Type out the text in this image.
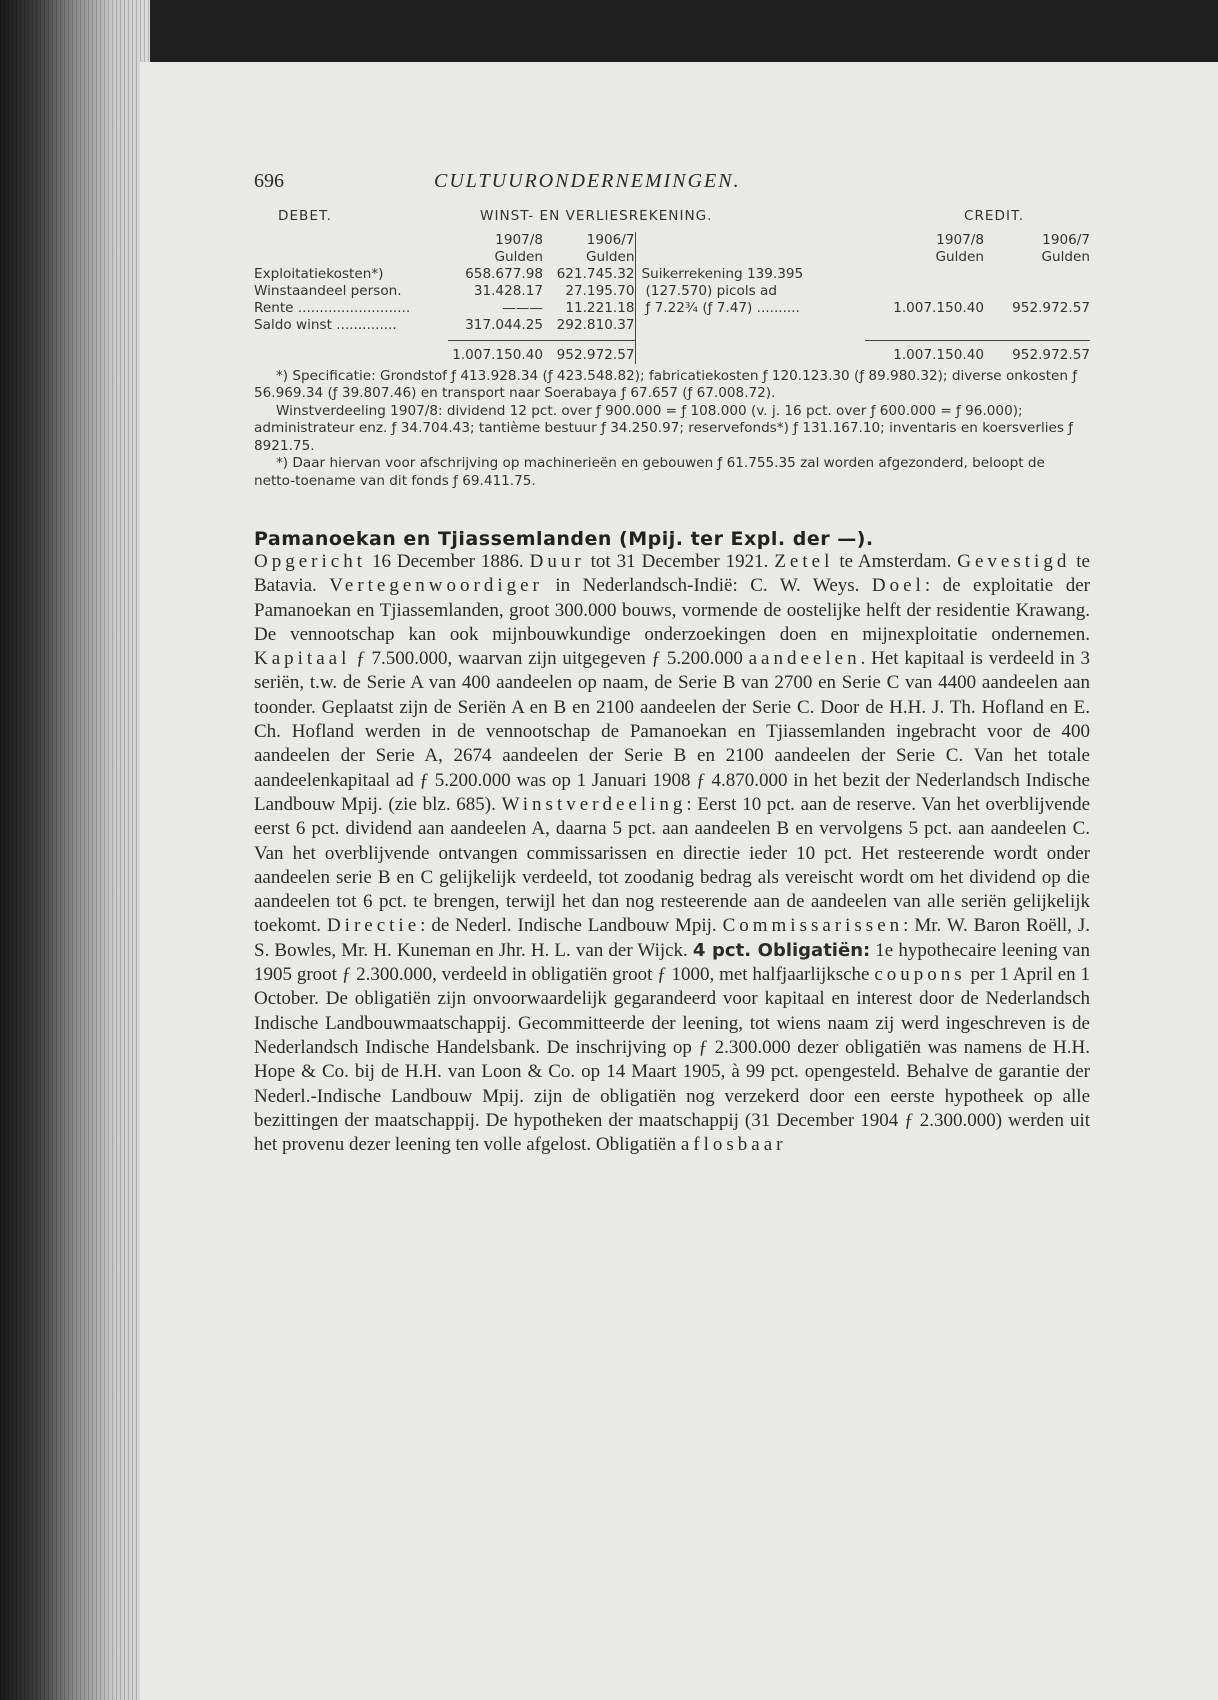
696	CULTUURONDERNEMINGEN.
DEBET.	WINST- EN VERLIESREKENING.	CREDIT.
	1907/8	1906/7		1907/8	1906/7
	Gulden	Gulden		Gulden	Gulden
Exploitatiekosten*)	658.677.98	621.745.32	Suikerrekening 139.395		
Winstaandeel person.	31.428.17	27.195.70	(127.570) picols ad		
Rente ..........................	———	11.221.18	ƒ 7.22¾ (ƒ 7.47) ..........	1.007.150.40	952.972.57
Saldo winst ..............	317.044.25	292.810.37			

	1.007.150.40	952.972.57		1.007.150.40	952.972.57

*) Specificatie: Grondstof ƒ 413.928.34 (ƒ 423.548.82); fabricatiekosten ƒ 120.123.30 (ƒ 89.980.32); diverse onkosten ƒ 56.969.34 (ƒ 39.807.46) en transport naar Soerabaya ƒ 67.657 (ƒ 67.008.72).

Winstverdeeling 1907/8: dividend 12 pct. over ƒ 900.000 = ƒ 108.000 (v. j. 16 pct. over ƒ 600.000 = ƒ 96.000); administrateur enz. ƒ 34.704.43; tantième bestuur ƒ 34.250.97; reservefonds*) ƒ 131.167.10; inventaris en koersverlies ƒ 8921.75.

*) Daar hiervan voor afschrijving op machinerieën en gebouwen ƒ 61.755.35 zal worden afgezonderd, beloopt de netto-toename van dit fonds ƒ 69.411.75.

Pamanoekan en Tjiassemlanden (Mpij. ter Expl. der —).

Opgericht 16 December 1886. Duur tot 31 December 1921. Zetel te Amsterdam. Gevestigd te Batavia. Vertegenwoordiger in Nederlandsch-Indië: C. W. Weys. Doel: de exploitatie der Pamanoekan en Tjiassemlanden, groot 300.000 bouws, vormende de oostelijke helft der residentie Krawang. De vennootschap kan ook mijnbouwkundige onderzoekingen doen en mijnexploitatie ondernemen. Kapitaal ƒ 7.500.000, waarvan zijn uitgegeven ƒ 5.200.000 aandeelen. Het kapitaal is verdeeld in 3 seriën, t.w. de Serie A van 400 aandeelen op naam, de Serie B van 2700 en Serie C van 4400 aandeelen aan toonder. Geplaatst zijn de Seriën A en B en 2100 aandeelen der Serie C. Door de H.H. J. Th. Hofland en E. Ch. Hofland werden in de vennootschap de Pamanoekan en Tjiassemlanden ingebracht voor de 400 aandeelen der Serie A, 2674 aandeelen der Serie B en 2100 aandeelen der Serie C. Van het totale aandeelenkapitaal ad ƒ 5.200.000 was op 1 Januari 1908 ƒ 4.870.000 in het bezit der Nederlandsch Indische Landbouw Mpij. (zie blz. 685). Winstverdeeling: Eerst 10 pct. aan de reserve. Van het overblijvende eerst 6 pct. dividend aan aandeelen A, daarna 5 pct. aan aandeelen B en vervolgens 5 pct. aan aandeelen C. Van het overblijvende ontvangen commissarissen en directie ieder 10 pct. Het resteerende wordt onder aandeelen serie B en C gelijkelijk verdeeld, tot zoodanig bedrag als vereischt wordt om het dividend op die aandeelen tot 6 pct. te brengen, terwijl het dan nog resteerende aan de aandeelen van alle seriën gelijkelijk toekomt. Directie: de Nederl. Indische Landbouw Mpij. Commissarissen: Mr. W. Baron Roëll, J. S. Bowles, Mr. H. Kuneman en Jhr. H. L. van der Wijck. 4 pct. Obligatiën: 1e hypothecaire leening van 1905 groot ƒ 2.300.000, verdeeld in obligatiën groot ƒ 1000, met halfjaarlijksche coupons per 1 April en 1 October. De obligatiën zijn onvoorwaardelijk gegarandeerd voor kapitaal en interest door de Nederlandsch Indische Landbouwmaatschappij. Gecommitteerde der leening, tot wiens naam zij werd ingeschreven is de Nederlandsch Indische Handelsbank. De inschrijving op ƒ 2.300.000 dezer obligatiën was namens de H.H. Hope & Co. bij de H.H. van Loon & Co. op 14 Maart 1905, à 99 pct. opengesteld. Behalve de garantie der Nederl.-Indische Landbouw Mpij. zijn de obligatiën nog verzekerd door een eerste hypotheek op alle bezittingen der maatschappij. De hypotheken der maatschappij (31 December 1904 ƒ 2.300.000) werden uit het provenu dezer leening ten volle afgelost. Obligatiën aflosbaar
